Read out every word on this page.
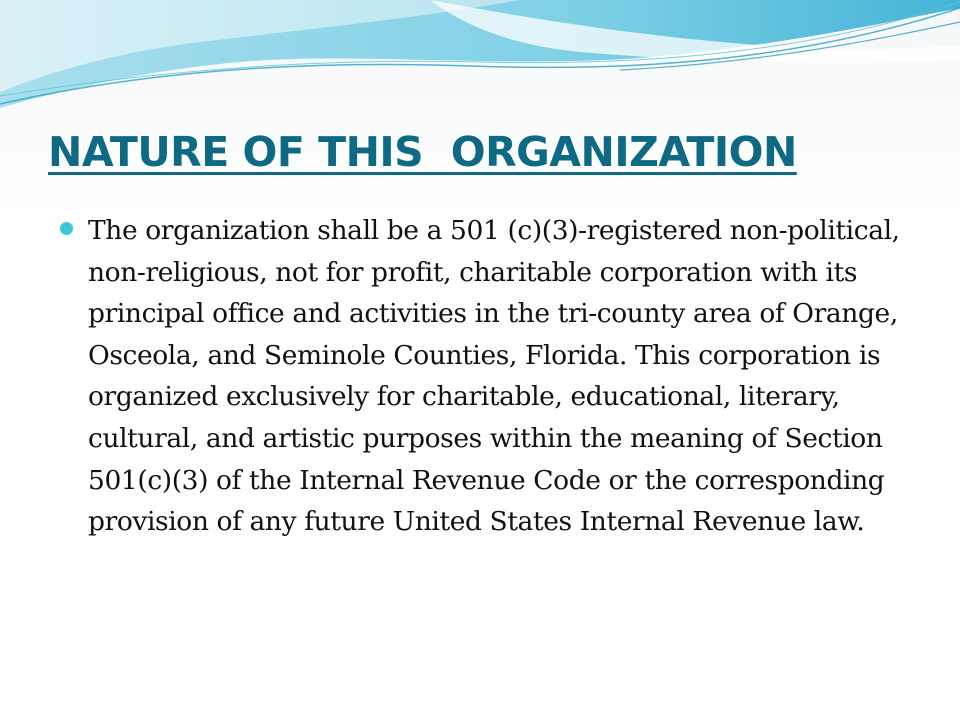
NATURE OF THIS  ORGANIZATION
The organization shall be a 501 (c)(3)-registered non-political, non-religious, not for profit, charitable corporation with its principal office and activities in the tri-county area of Orange, Osceola, and Seminole Counties, Florida. This corporation is organized exclusively for charitable, educational, literary, cultural, and artistic purposes within the meaning of Section 501(c)(3) of the Internal Revenue Code or the corresponding provision of any future United States Internal Revenue law.
